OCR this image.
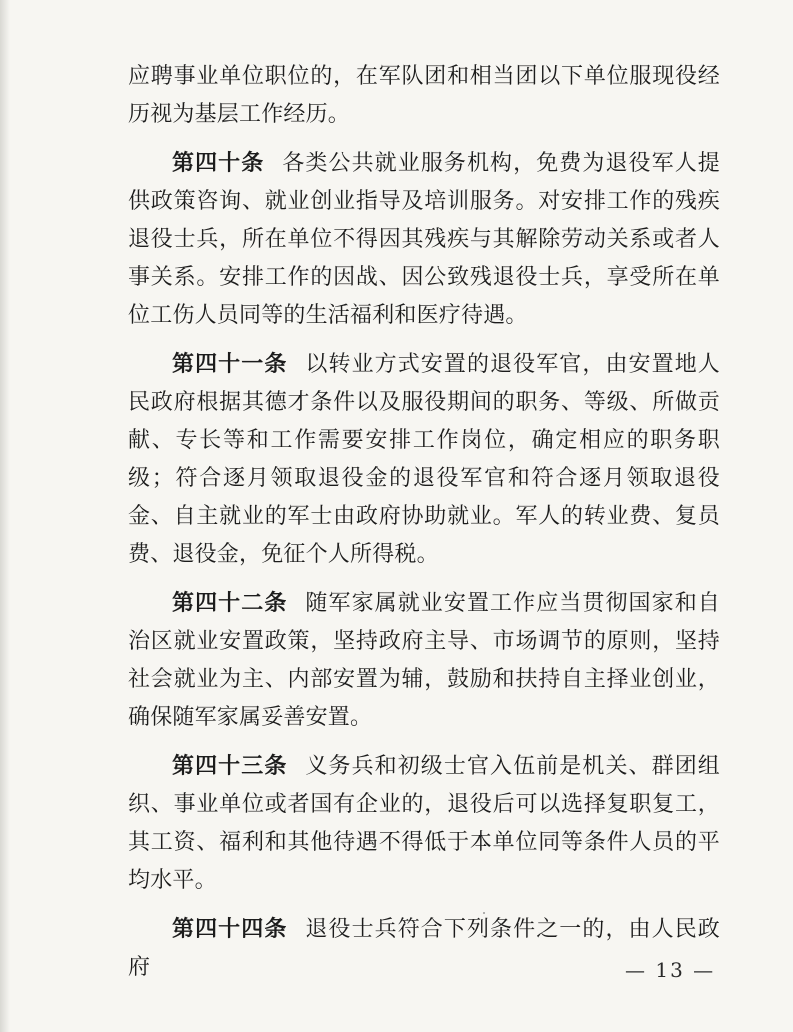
应聘事业单位职位的，在军队团和相当团以下单位服现役经历视为基层工作经历。

第四十条 各类公共就业服务机构，免费为退役军人提供政策咨询、就业创业指导及培训服务。对安排工作的残疾退役士兵，所在单位不得因其残疾与其解除劳动关系或者人事关系。安排工作的因战、因公致残退役士兵，享受所在单位工伤人员同等的生活福利和医疗待遇。

第四十一条 以转业方式安置的退役军官，由安置地人民政府根据其德才条件以及服役期间的职务、等级、所做贡献、专长等和工作需要安排工作岗位，确定相应的职务职级；符合逐月领取退役金的退役军官和符合逐月领取退役金、自主就业的军士由政府协助就业。军人的转业费、复员费、退役金，免征个人所得税。

第四十二条 随军家属就业安置工作应当贯彻国家和自治区就业安置政策，坚持政府主导、市场调节的原则，坚持社会就业为主、内部安置为辅，鼓励和扶持自主择业创业，确保随军家属妥善安置。

第四十三条 义务兵和初级士官入伍前是机关、群团组织、事业单位或者国有企业的，退役后可以选择复职复工，其工资、福利和其他待遇不得低于本单位同等条件人员的平均水平。

第四十四条 退役士兵符合下列条件之一的，由人民政府	— 13 —
